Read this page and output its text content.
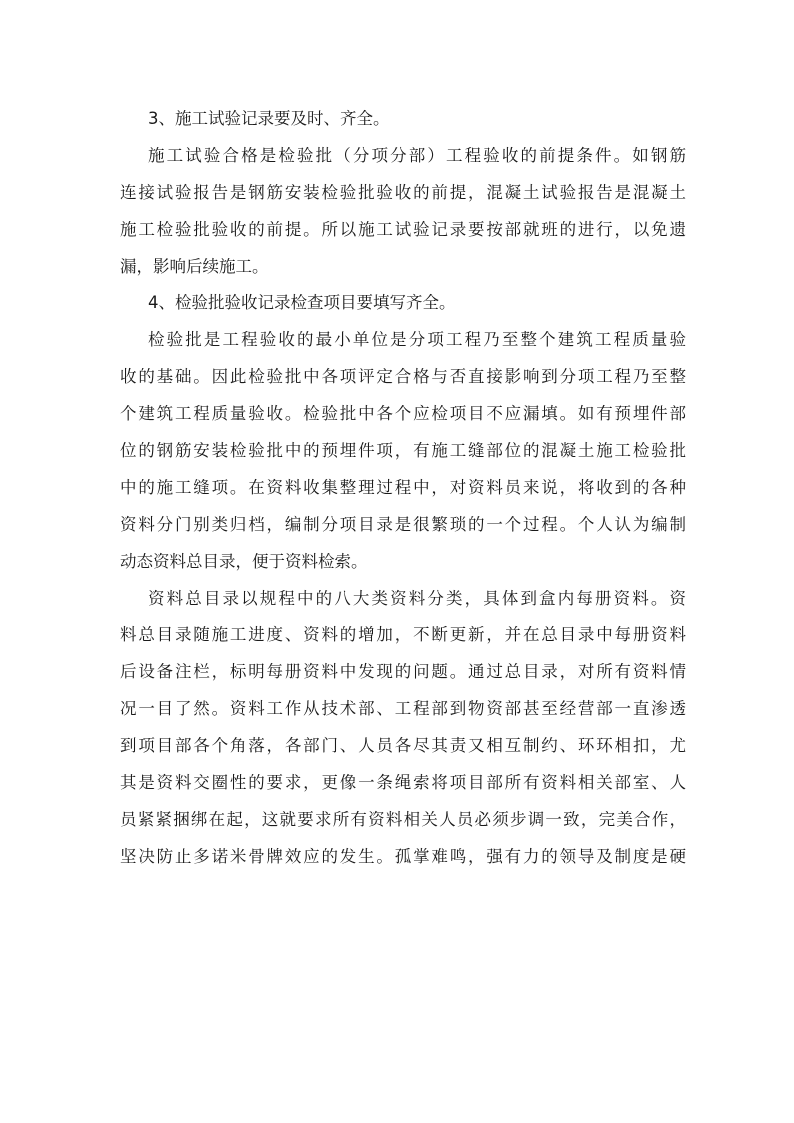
3、施工试验记录要及时、齐全。
施工试验合格是检验批（分项分部）工程验收的前提条件。如钢筋
连接试验报告是钢筋安装检验批验收的前提，混凝土试验报告是混凝土
施工检验批验收的前提。所以施工试验记录要按部就班的进行，以免遗
漏，影响后续施工。
4、检验批验收记录检查项目要填写齐全。
检验批是工程验收的最小单位是分项工程乃至整个建筑工程质量验
收的基础。因此检验批中各项评定合格与否直接影响到分项工程乃至整
个建筑工程质量验收。检验批中各个应检项目不应漏填。如有预埋件部
位的钢筋安装检验批中的预埋件项，有施工缝部位的混凝土施工检验批
中的施工缝项。在资料收集整理过程中，对资料员来说，将收到的各种
资料分门别类归档，编制分项目录是很繁琐的一个过程。个人认为编制
动态资料总目录，便于资料检索。
资料总目录以规程中的八大类资料分类，具体到盒内每册资料。资
料总目录随施工进度、资料的增加，不断更新，并在总目录中每册资料
后设备注栏，标明每册资料中发现的问题。通过总目录，对所有资料情
况一目了然。资料工作从技术部、工程部到物资部甚至经营部一直渗透
到项目部各个角落，各部门、人员各尽其责又相互制约、环环相扣，尤
其是资料交圈性的要求，更像一条绳索将项目部所有资料相关部室、人
员紧紧捆绑在起，这就要求所有资料相关人员必须步调一致，完美合作，
坚决防止多诺米骨牌效应的发生。孤掌难鸣，强有力的领导及制度是硬
